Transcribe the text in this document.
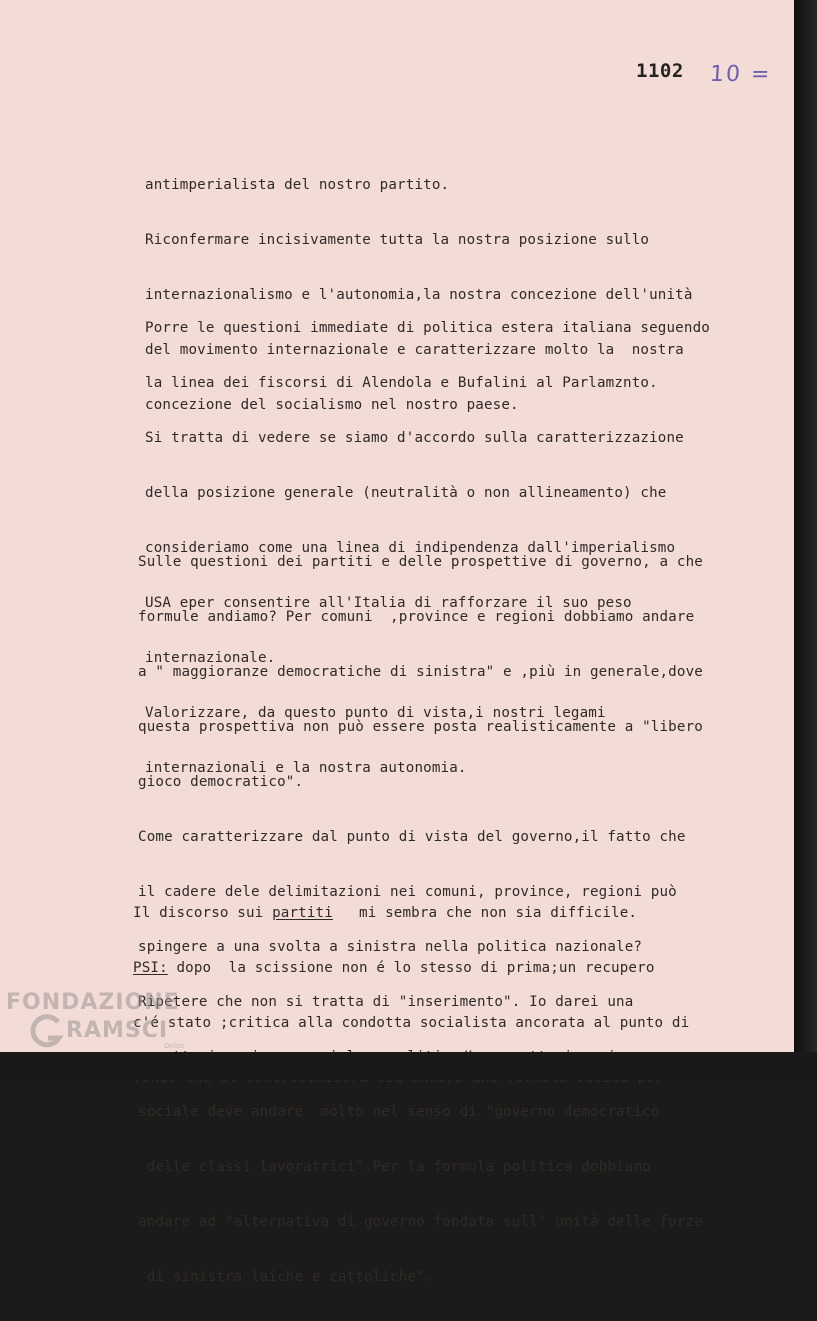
1102 10 =

antimperialista del nostro partito.

Riconfermare incisivamente tutta la nostra posizione sullo

internazionalismo e l'autonomia,la nostra concezione dell'unità

del movimento internazionale e caratterizzare molto la  nostra

concezione del socialismo nel nostro paese.

Porre le questioni immediate di politica estera italiana seguendo

la linea dei fiscorsi di Alendola e Bufalini al Parlamznto.

Si tratta di vedere se siamo d'accordo sulla caratterizzazione

della posizione generale (neutralità o non allineamento) che

consideriamo come una linea di indipendenza dall'imperialismo

USA eper consentire all'Italia di rafforzare il suo peso

internazionale.

Valorizzare, da questo punto di vista,i nostri legami

internazionali e la nostra autonomia.

Sulle questioni dei partiti e delle prospettive di governo, a che

formule andiamo? Per comuni  ,province e regioni dobbiamo andare

a " maggioranze democratiche di sinistra" e ,più in generale,dove

questa prospettiva non può essere posta realisticamente a "libero

gioco democratico".

Come caratterizzare dal punto di vista del governo,il fatto che

il cadere dele delimitazioni nei comuni, province, regioni può

spingere a una svolta a sinistra nella politica nazionale?

Ripetere che non si tratta di "inserimento". Io darei una

sociale deve andare  molto nel senso di "governo democratico

delle classi lavoratrici".Per la formula politica dobbiamo

andare ad "alternativa di governo fondata sull' unità delle forze

di sinistra laiche e cattoliche".

Il discorso sui partiti   mi sembra che non sia difficile.

PSI: dopo  la scissione non é lo stesso di prima;un recupero

c'é stato ;critica alla condotta socialista ancorata al punto di

FONDAZIONE
RAMSCI
Onlus
